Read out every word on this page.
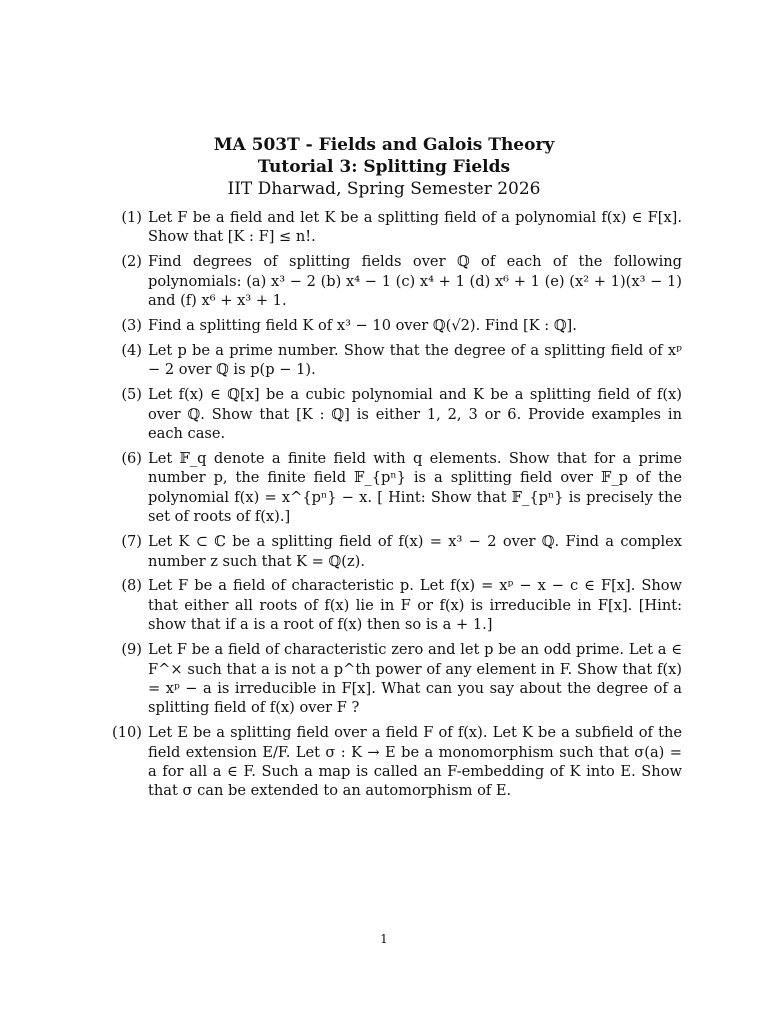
MA 503T - Fields and Galois Theory
Tutorial 3: Splitting Fields
IIT Dharwad, Spring Semester 2026
(1) Let F be a field and let K be a splitting field of a polynomial f(x) ∈ F[x]. Show that [K : F] ≤ n!.
(2) Find degrees of splitting fields over ℚ of each of the following polynomials: (a) x³ − 2 (b) x⁴ − 1 (c) x⁴ + 1 (d) x⁶ + 1 (e) (x² + 1)(x³ − 1) and (f) x⁶ + x³ + 1.
(3) Find a splitting field K of x³ − 10 over ℚ(√2). Find [K : ℚ].
(4) Let p be a prime number. Show that the degree of a splitting field of xᵖ − 2 over ℚ is p(p − 1).
(5) Let f(x) ∈ ℚ[x] be a cubic polynomial and K be a splitting field of f(x) over ℚ. Show that [K : ℚ] is either 1, 2, 3 or 6. Provide examples in each case.
(6) Let 𝔽_q denote a finite field with q elements. Show that for a prime number p, the finite field 𝔽_{pⁿ} is a splitting field over 𝔽_p of the polynomial f(x) = x^{pⁿ} − x. [ Hint: Show that 𝔽_{pⁿ} is precisely the set of roots of f(x).]
(7) Let K ⊂ ℂ be a splitting field of f(x) = x³ − 2 over ℚ. Find a complex number z such that K = ℚ(z).
(8) Let F be a field of characteristic p. Let f(x) = xᵖ − x − c ∈ F[x]. Show that either all roots of f(x) lie in F or f(x) is irreducible in F[x]. [Hint: show that if a is a root of f(x) then so is a + 1.]
(9) Let F be a field of characteristic zero and let p be an odd prime. Let a ∈ F^× such that a is not a p^th power of any element in F. Show that f(x) = xᵖ − a is irreducible in F[x]. What can you say about the degree of a splitting field of f(x) over F ?
(10) Let E be a splitting field over a field F of f(x). Let K be a subfield of the field extension E/F. Let σ : K → E be a monomorphism such that σ(a) = a for all a ∈ F. Such a map is called an F-embedding of K into E. Show that σ can be extended to an automorphism of E.
1
